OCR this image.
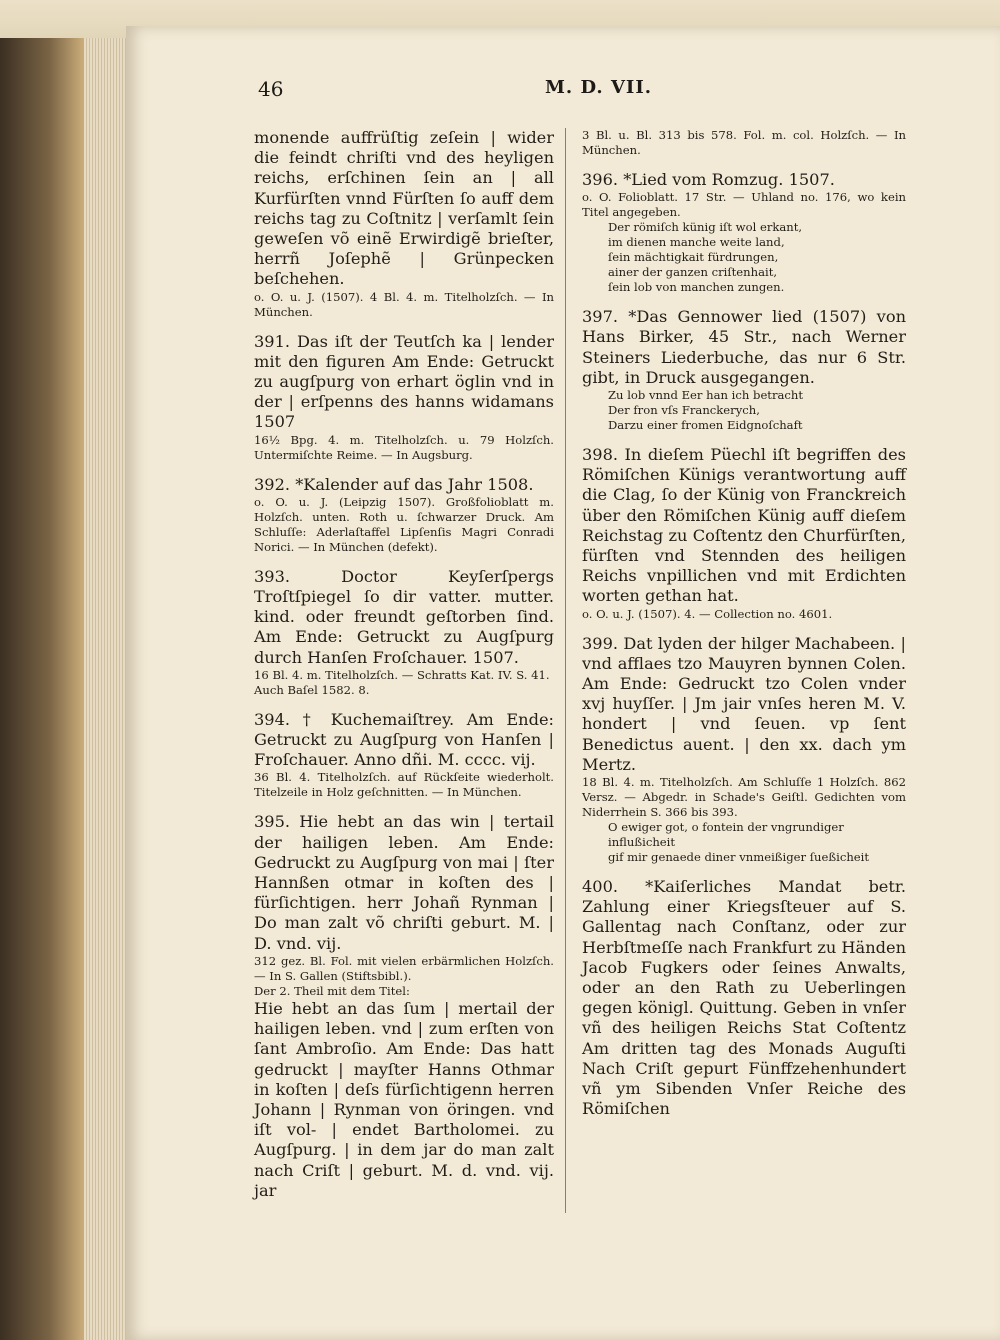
46	M. D. VII.
monende auffrüſtig zeſein | wider die feindt chriſti vnd des heyligen reichs, erſchinen ſein an | all Kurfürſten vnnd Fürſten ſo auff dem reichs tag zu Coſtnitz | verſamlt ſein geweſen võ einẽ Erwirdigẽ brieſter, herrñ Joſephẽ | Grünpecken beſchehen.
o. O. u. J. (1507). 4 Bl. 4. m. Titelholzſch. — In München.
391. Das iſt der Teutſch ka | lender mit den figuren Am Ende: Getruckt zu augſpurg von erhart öglin vnd in der | erſpenns des hanns widamans 1507
16½ Bpg. 4. m. Titelholzſch. u. 79 Holzſch. Untermiſchte Reime. — In Augsburg.
392. *Kalender auf das Jahr 1508.
o. O. u. J. (Leipzig 1507). Großfolioblatt m. Holzſch. unten. Roth u. ſchwarzer Druck. Am Schluſſe: Aderlaſtaffel Lipſenſis Magri Conradi Norici. — In München (defekt).
393. Doctor Keyſerſpergs Troſtſpiegel ſo dir vatter. mutter. kind. oder freundt geſtorben ſind. Am Ende: Getruckt zu Augſpurg durch Hanſen Froſchauer. 1507.
16 Bl. 4. m. Titelholzſch. — Schratts Kat. IV. S. 41.
Auch Baſel 1582. 8.
394. † Kuchemaiſtrey. Am Ende: Getruckt zu Augſpurg von Hanſen | Froſchauer. Anno dñi. M. cccc. vij.
36 Bl. 4. Titelholzſch. auf Rückſeite wiederholt. Titelzeile in Holz geſchnitten. — In München.
395. Hie hebt an das win | tertail der hailigen leben. Am Ende: Gedruckt zu Augſpurg von mai | ſter Hannßen otmar in koſten des | fürſichtigen. herr Johañ Rynman | Do man zalt võ chriſti geburt. M. | D. vnd. vij.
312 gez. Bl. Fol. mit vielen erbärmlichen Holzſch. — In S. Gallen (Stiftsbibl.).
Der 2. Theil mit dem Titel:
Hie hebt an das ſum | mertail der hailigen leben. vnd | zum erſten von ſant Ambroſio. Am Ende: Das hatt gedruckt | mayſter Hanns Othmar in koſten | deſs fürſichtigenn herren Johann | Rynman von öringen. vnd iſt vol- | endet Bartholomei. zu Augſpurg. | in dem jar do man zalt nach Criſt | geburt. M. d. vnd. vij. jar
3 Bl. u. Bl. 313 bis 578. Fol. m. col. Holzſch. — In München.
396. *Lied vom Romzug. 1507.
o. O. Folioblatt. 17 Str. — Uhland no. 176, wo kein Titel angegeben.
Der römiſch künig iſt wol erkant,
im dienen manche weite land,
ſein mächtigkait fürdrungen,
ainer der ganzen criſtenhait,
ſein lob von manchen zungen.
397. *Das Gennower lied (1507) von Hans Birker, 45 Str., nach Werner Steiners Liederbuche, das nur 6 Str. gibt, in Druck ausgegangen.
Zu lob vnnd Eer han ich betracht
Der fron vſs Franckerych,
Darzu einer fromen Eidgnoſchaft
398. In dieſem Püechl iſt begriffen des Römiſchen Künigs verantwortung auff die Clag, ſo der Künig von Franckreich über den Römiſchen Künig auff dieſem Reichstag zu Coſtentz den Churfürſten, fürſten vnd Stennden des heiligen Reichs vnpillichen vnd mit Erdichten worten gethan hat.
o. O. u. J. (1507). 4. — Collection no. 4601.
399. Dat lyden der hilger Machabeen. | vnd afflaes tzo Mauyren bynnen Colen. Am Ende: Gedruckt tzo Colen vnder xvj huyſſer. | Jm jair vnſes heren M. V. hondert | vnd ſeuen. vp ſent Benedictus auent. | den xx. dach ym Mertz.
18 Bl. 4. m. Titelholzſch. Am Schluſſe 1 Holzſch. 862 Versz. — Abgedr. in Schade's Geiſtl. Gedichten vom Niderrhein S. 366 bis 393.
O ewiger got, o fontein der vngrundiger influßicheit
gif mir genaede diner vnmeißiger ſueßicheit
400. *Kaiſerliches Mandat betr. Zahlung einer Kriegsſteuer auf S. Gallentag nach Conſtanz, oder zur Herbſtmeſſe nach Frankfurt zu Händen Jacob Fugkers oder ſeines Anwalts, oder an den Rath zu Ueberlingen gegen königl. Quittung. Geben in vnſer vñ des heiligen Reichs Stat Coſtentz Am dritten tag des Monads Auguſti Nach Criſt gepurt Fünffzehenhundert vñ ym Sibenden Vnſer Reiche des Römiſchen
